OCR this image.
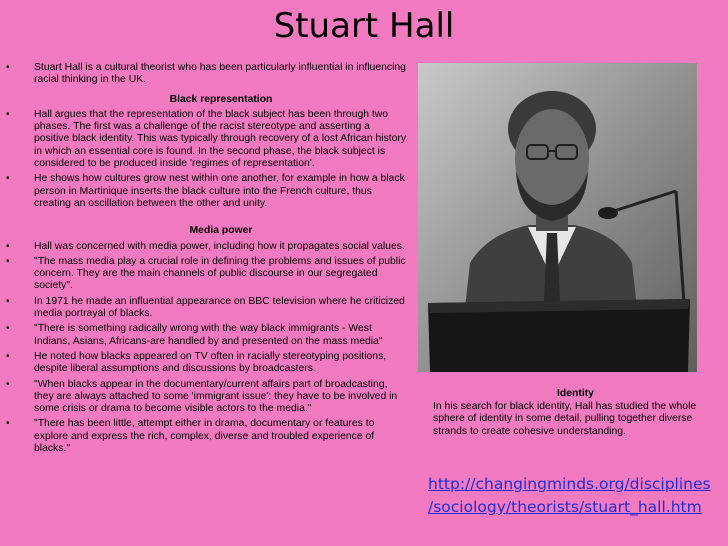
Stuart Hall
• Stuart Hall is a cultural theorist who has been particularly influential in influencing racial thinking in the UK.
Black representation
• Hall argues that the representation of the black subject has been through two phases. The first was a challenge of the racist stereotype and asserting a positive black identity. This was typically through recovery of a lost African history in which an essential core is found. In the second phase, the black subject is considered to be produced inside 'regimes of representation'.
• He shows how cultures grow nest within one another, for example in how a black person in Martinique inserts the black culture into the French culture, thus creating an oscillation between the other and unity.
Media power
• Hall was concerned with media power, including how it propagates social values.
• "The mass media play a crucial role in defining the problems and issues of public concern. They are the main channels of public discourse in our segregated society".
• In 1971 he made an influential appearance on BBC television where he criticized media portrayal of blacks.
• "There is something radically wrong with the way black immigrants - West Indians, Asians, Africans-are handled by and presented on the mass media"
• He noted how blacks appeared on TV often in racially stereotyping positions, despite liberal assumptions and discussions by broadcasters.
• "When blacks appear in the documentary/current affairs part of broadcasting, they are always attached to some 'immigrant issue': they have to be involved in some crisis or drama to become visible actors to the media."
• "There has been little, attempt either in drama, documentary or features to explore and express the rich, complex, diverse and troubled experience of blacks."
Identity
In his search for black identity, Hall has studied the whole sphere of identity in some detail, pulling together diverse strands to create cohesive understanding.
http://changingminds.org/disciplines
/sociology/theorists/stuart_hall.htm
